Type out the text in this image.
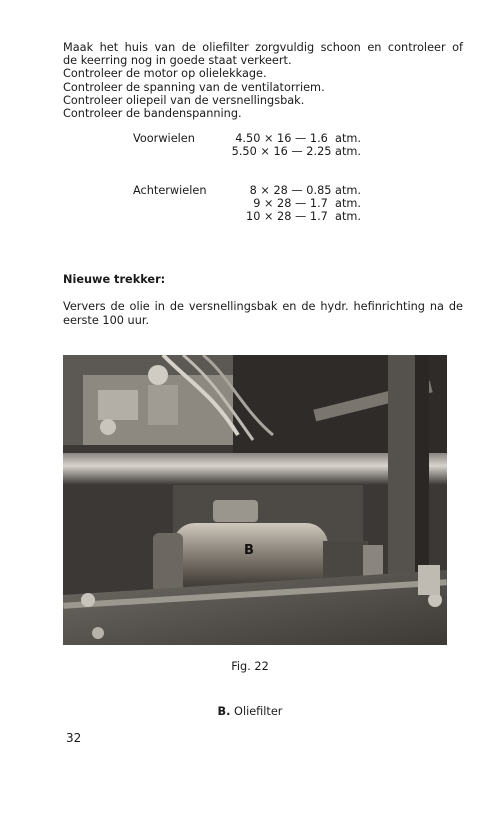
Maak het huis van de oliefilter zorgvuldig schoon en controleer of
de keerring nog in goede staat verkeert.
Controleer de motor op olielekkage.
Controleer de spanning van de ventilatorriem.
Controleer oliepeil van de versnellingsbak.
Controleer de bandenspanning.
Voorwielen	4.50 × 16 — 1.6  atm.
5.50 × 16 — 2.25 atm.
Achterwielen	8 × 28 — 0.85 atm.
9 × 28 — 1.7  atm.
10 × 28 — 1.7  atm.
Nieuwe trekker:
Ververs de olie in de versnellingsbak en de hydr. hefinrichting na de
eerste 100 uur.
B
Fig. 22
B. Oliefilter
32
